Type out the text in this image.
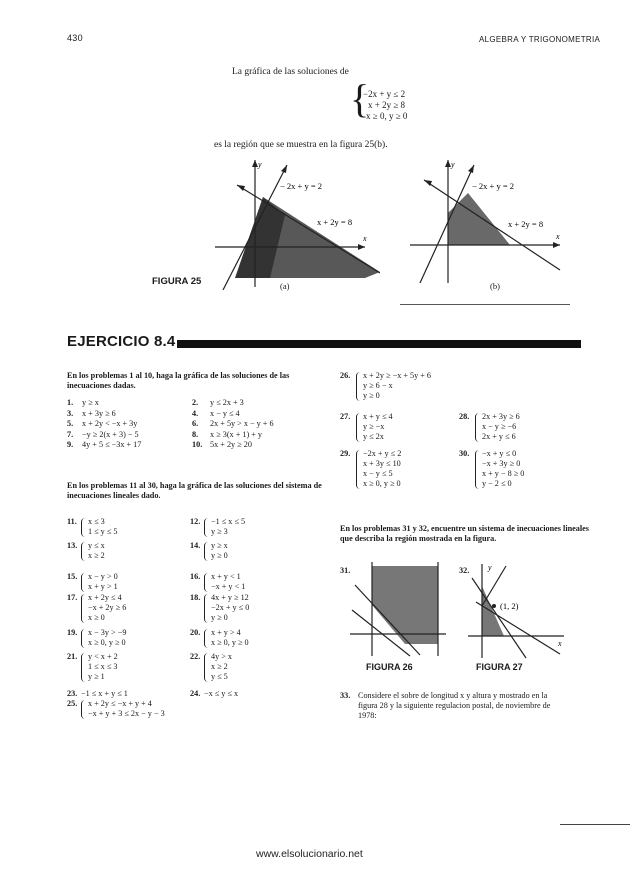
430	ALGEBRA Y TRIGONOMETRIA
La gráfica de las soluciones de
{
−2x + y ≤ 2
x + 2y ≥ 8
x ≥ 0, y ≥ 0
es la región que se muestra en la figura 25(b).
y
x
− 2x + y = 2
x + 2y = 8
(a)
FIGURA 25
y
x
− 2x + y = 2
x + 2y = 8
(b)
EJERCICIO 8.4
En los problemas 1 al 10, haga la gráfica de las soluciones de las inecuaciones dadas.
1. y ≥ x	2. y ≤ 2x + 3
3. x + 3y ≥ 6	4. x − y ≤ 4
5. x + 2y < −x + 3y	6. 2x + 5y > x − y + 6
7. −y ≥ 2(x + 3) − 5	8. x ≥ 3(x + 1) + y
9. 4y + 5 ≤ −3x + 17	10. 5x + 2y ≥ 20
En los problemas 11 al 30, haga la gráfica de las soluciones del sistema de inecuaciones lineales dado.
11.	x ≤ 3
1 ≤ y ≤ 5
12.	−1 ≤ x ≤ 5
y ≥ 3
13.	y ≤ x
x ≥ 2
14.	y ≥ x
y ≥ 0
15.	x − y > 0
x + y > 1
16.	x + y < 1
−x + y < 1
17.	x + 2y ≤ 4
−x + 2y ≥ 6
x ≥ 0
18.	4x + y ≥ 12
−2x + y ≤ 0
y ≥ 0
19.	x − 3y > −9
x ≥ 0, y ≥ 0
20.	x + y > 4
x ≥ 0, y ≥ 0
21.	y < x + 2
1 ≤ x ≤ 3
y ≥ 1
22.	4y > x
x ≥ 2
y ≤ 5
23. −1 ≤ x + y ≤ 1	24. −x ≤ y ≤ x
25.	x + 2y ≤ −x + y + 4
−x + y + 3 ≤ 2x − y − 3
26.	x + 2y ≥ −x + 5y + 6
y ≥ 6 − x
y ≥ 0
27.	x + y ≤ 4
y ≥ −x
y ≤ 2x
28.	2x + 3y ≥ 6
x − y ≥ −6
2x + y ≤ 6
29.	−2x + y ≤ 2
x + 3y ≤ 10
x − y ≤ 5
x ≥ 0, y ≥ 0
30.	−x + y ≤ 0
−x + 3y ≥ 0
x + y − 8 ≥ 0
y − 2 ≤ 0
En los problemas 31 y 32, encuentre un sistema de inecuaciones lineales que describa la región mostrada en la figura.
31.	32.
(1, 2)
y
x
FIGURA 26	FIGURA 27
33. Considere el sobre de longitud x y altura y mostrado en la
figura 28 y la siguiente regulacion postal, de noviembre de
1978:
www.elsolucionario.net
